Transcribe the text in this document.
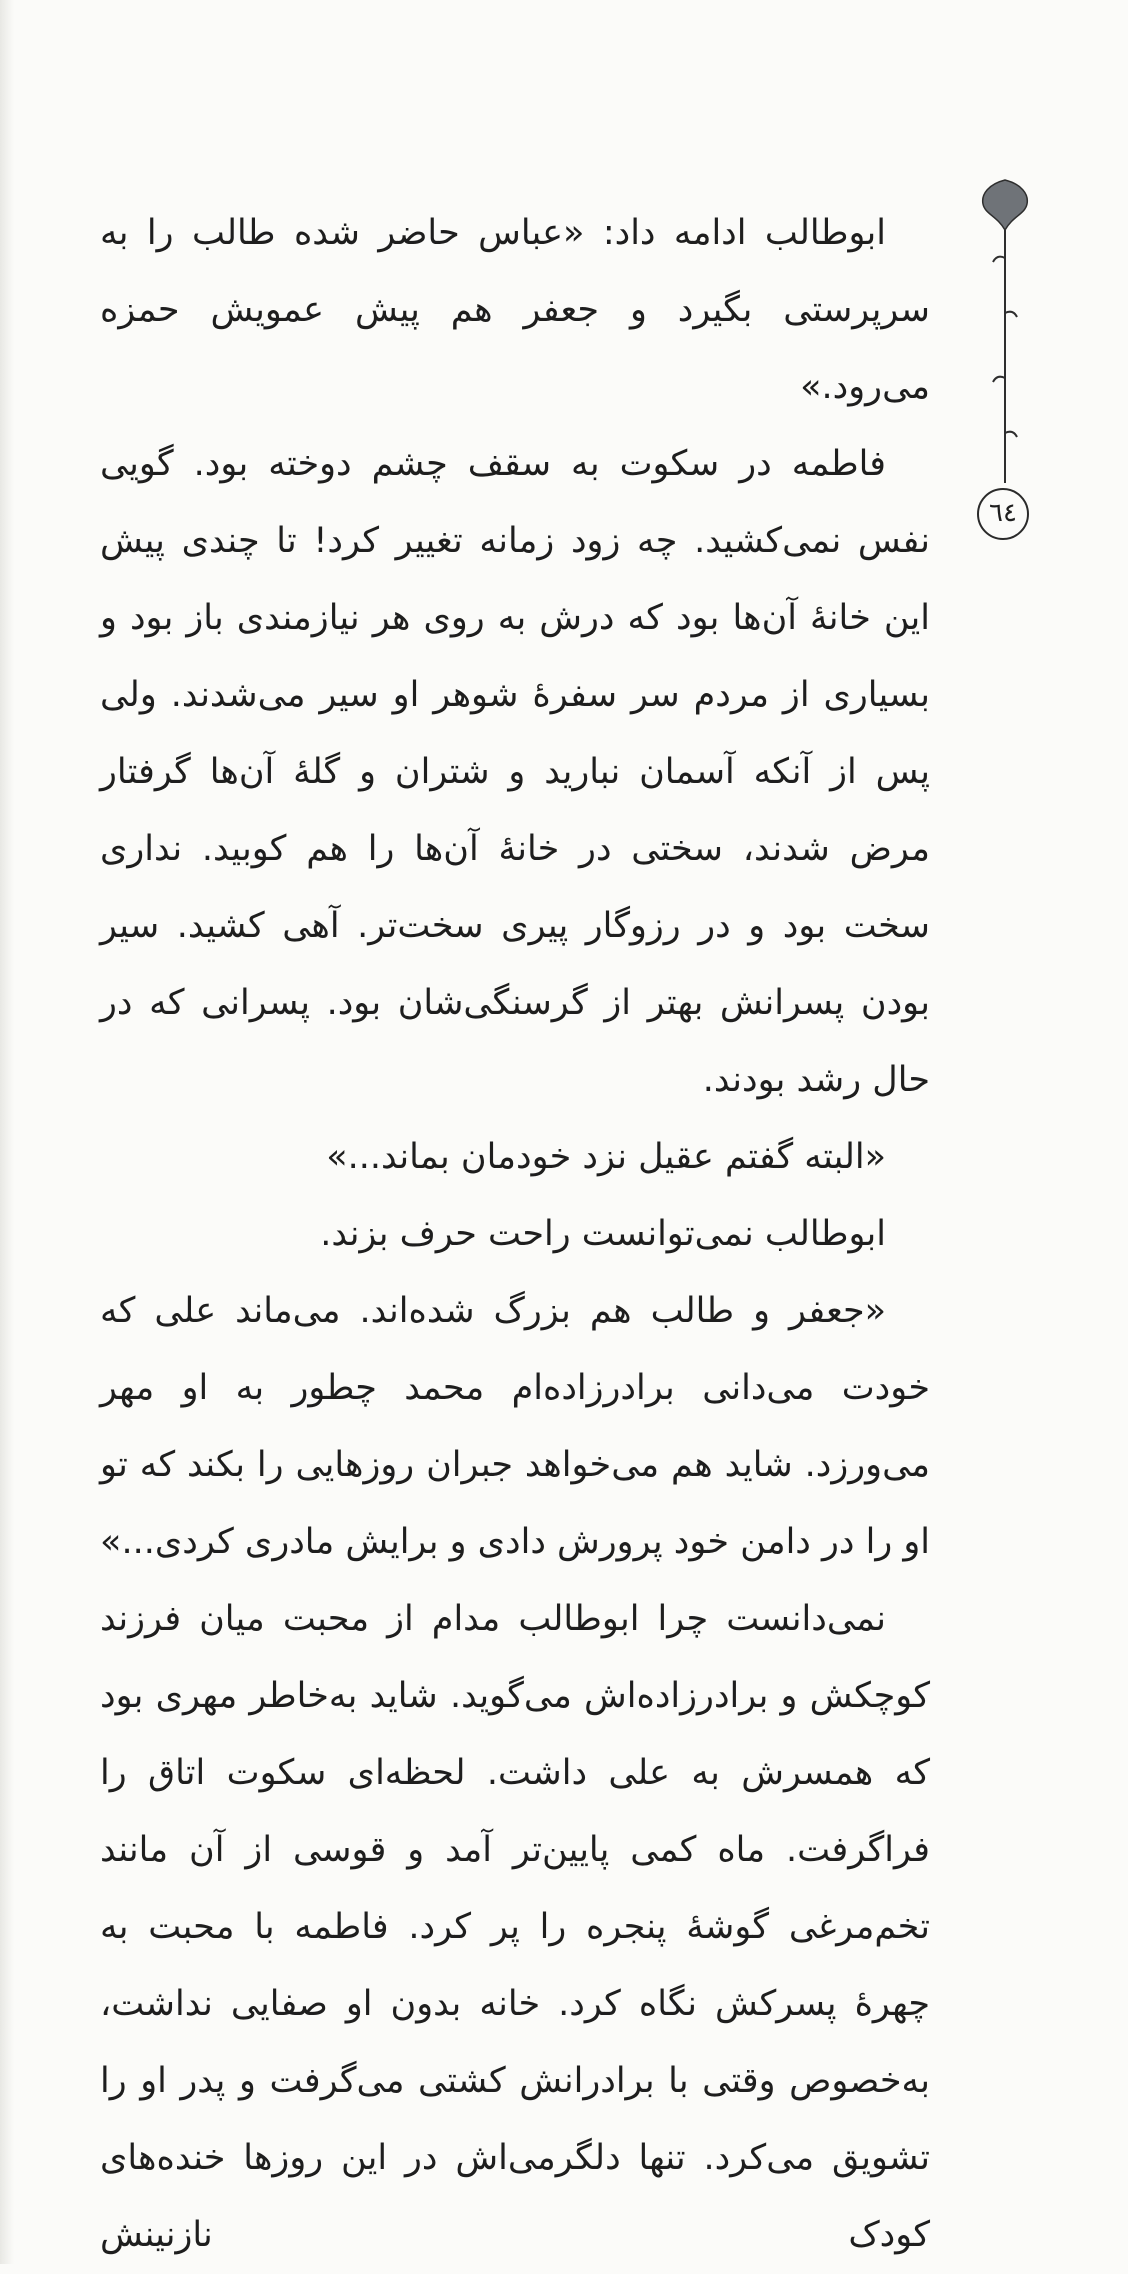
٦٤

ابوطالب ادامه داد: «عباس حاضر شده طالب را به سرپرستی بگیرد و جعفر هم پیش عمویش حمزه می‌رود.»

فاطمه در سکوت به سقف چشم دوخته بود. گویی نفس نمی‌کشید. چه زود زمانه تغییر کرد! تا چندی پیش این خانهٔ آن‌ها بود که درش به روی هر نیازمندی باز بود و بسیاری از مردم سر سفرهٔ شوهر او سیر می‌شدند. ولی پس از آنکه آسمان نبارید و شتران و گلهٔ آن‌ها گرفتار مرض شدند، سختی در خانهٔ آن‌ها را هم کوبید. نداری سخت بود و در رزوگار پیری سخت‌تر. آهی کشید. سیر بودن پسرانش بهتر از گرسنگی‌شان بود. پسرانی که در حال رشد بودند.

«البته گفتم عقیل نزد خودمان بماند...»

ابوطالب نمی‌توانست راحت حرف بزند.

«جعفر و طالب هم بزرگ شده‌اند. می‌ماند علی که خودت می‌دانی برادرزاده‌ام محمد چطور به او مهر می‌ورزد. شاید هم می‌خواهد جبران روزهایی را بکند که تو او را در دامن خود پرورش دادی و برایش مادری کردی...»

نمی‌دانست چرا ابوطالب مدام از محبت میان فرزند کوچکش و برادرزاده‌اش می‌گوید. شاید به‌خاطر مهری بود که همسرش به علی داشت. لحظه‌ای سکوت اتاق را فراگرفت. ماه کمی پایین‌تر آمد و قوسی از آن مانند تخم‌مرغی گوشهٔ پنجره را پر کرد. فاطمه با محبت به چهرهٔ پسرکش نگاه کرد. خانه بدون او صفایی نداشت، به‌خصوص وقتی با برادرانش کشتی می‌گرفت و پدر او را تشویق می‌کرد. تنها دلگرمی‌اش در این روزها خنده‌های کودک نازنینش
